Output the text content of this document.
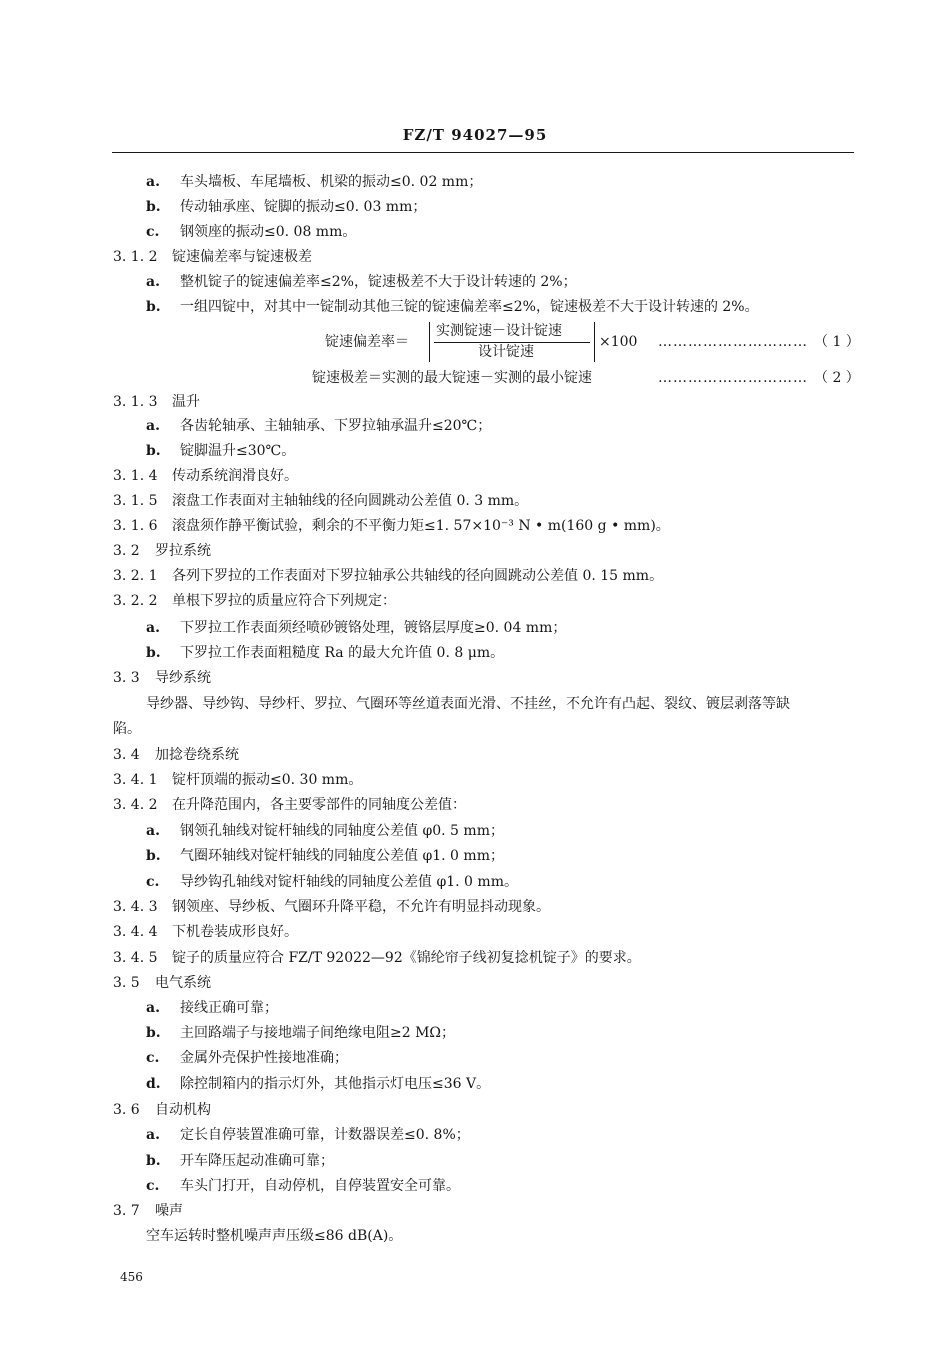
FZ/T 94027—95
a. 车头墙板、车尾墙板、机梁的振动≤0. 02 mm；
b. 传动轴承座、锭脚的振动≤0. 03 mm；
c. 钢领座的振动≤0. 08 mm。
3. 1. 2 锭速偏差率与锭速极差
a. 整机锭子的锭速偏差率≤2%，锭速极差不大于设计转速的 2%；
b. 一组四锭中，对其中一锭制动其他三锭的锭速偏差率≤2%，锭速极差不大于设计转速的 2%。
锭速偏差率＝
实测锭速－设计锭速
设计锭速
×100 ………………………… （ 1 ）
锭速极差＝实测的最大锭速－实测的最小锭速	………………………… （ 2 ）
3. 1. 3 温升
a. 各齿轮轴承、主轴轴承、下罗拉轴承温升≤20℃；
b. 锭脚温升≤30℃。
3. 1. 4 传动系统润滑良好。
3. 1. 5 滚盘工作表面对主轴轴线的径向圆跳动公差值 0. 3 mm。
3. 1. 6 滚盘须作静平衡试验，剩余的不平衡力矩≤1. 57×10⁻³ N • m(160 g • mm)。
3. 2 罗拉系统
3. 2. 1 各列下罗拉的工作表面对下罗拉轴承公共轴线的径向圆跳动公差值 0. 15 mm。
3. 2. 2 单根下罗拉的质量应符合下列规定：
a. 下罗拉工作表面须经喷砂镀铬处理，镀铬层厚度≥0. 04 mm；
b. 下罗拉工作表面粗糙度 Ra 的最大允许值 0. 8 μm。
3. 3 导纱系统
导纱器、导纱钩、导纱杆、罗拉、气圈环等丝道表面光滑、不挂丝，不允许有凸起、裂纹、镀层剥落等缺
陷。
3. 4 加捻卷绕系统
3. 4. 1 锭杆顶端的振动≤0. 30 mm。
3. 4. 2 在升降范围内，各主要零部件的同轴度公差值：
a. 钢领孔轴线对锭杆轴线的同轴度公差值 φ0. 5 mm；
b. 气圈环轴线对锭杆轴线的同轴度公差值 φ1. 0 mm；
c. 导纱钩孔轴线对锭杆轴线的同轴度公差值 φ1. 0 mm。
3. 4. 3 钢领座、导纱板、气圈环升降平稳，不允许有明显抖动现象。
3. 4. 4 下机卷装成形良好。
3. 4. 5 锭子的质量应符合 FZ/T 92022—92《锦纶帘子线初复捻机锭子》的要求。
3. 5 电气系统
a. 接线正确可靠；
b. 主回路端子与接地端子间绝缘电阻≥2 MΩ；
c. 金属外壳保护性接地准确；
d. 除控制箱内的指示灯外，其他指示灯电压≤36 V。
3. 6 自动机构
a. 定长自停装置准确可靠，计数器误差≤0. 8%；
b. 开车降压起动准确可靠；
c. 车头门打开，自动停机，自停装置安全可靠。
3. 7 噪声
空车运转时整机噪声声压级≤86 dB(A)。
456
